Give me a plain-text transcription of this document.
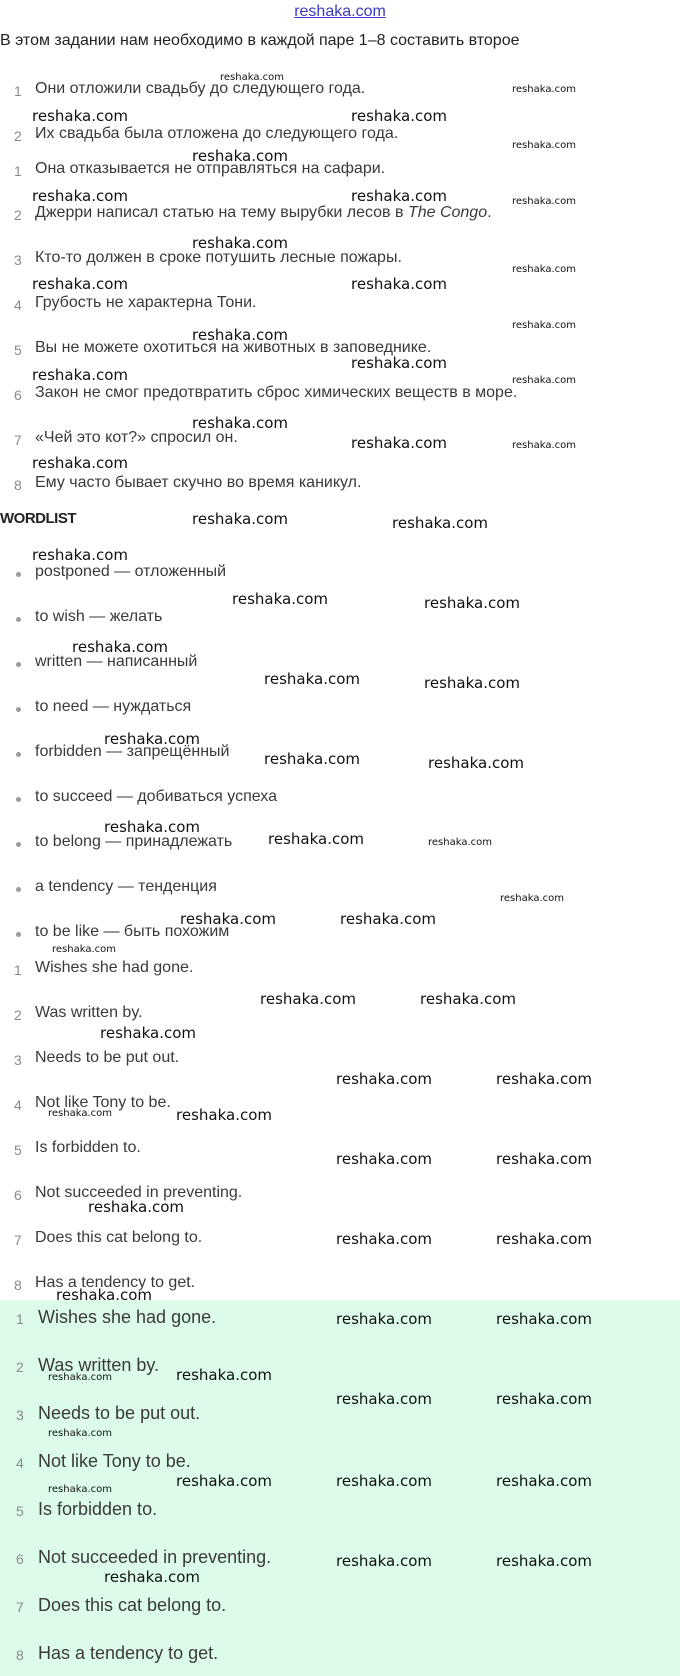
reshaka.com
В этом задании нам необходимо в каждой паре 1–8 составить второе
1 Они отложили свадьбу до следующего года.
2 Их свадьба была отложена до следующего года.
1 Она отказывается не отправляться на сафари.
2 Джерри написал статью на тему вырубки лесов в The Congo.
3 Кто-то должен в сроке потушить лесные пожары.
4 Грубость не характерна Тони.
5 Вы не можете охотиться на животных в заповеднике.
6 Закон не смог предотвратить сброс химических веществ в море.
7 «Чей это кот?» спросил он.
8 Ему часто бывает скучно во время каникул.
WORDLIST
postponed — отложенный
to wish — желать
written — написанный
to need — нуждаться
forbidden — запрещённый
to succeed — добиваться успеха
to belong — принадлежать
a tendency — тенденция
to be like — быть похожим
1 Wishes she had gone.
2 Was written by.
3 Needs to be put out.
4 Not like Tony to be.
5 Is forbidden to.
6 Not succeeded in preventing.
7 Does this cat belong to.
8 Has a tendency to get.
1 Wishes she had gone.
2 Was written by.
3 Needs to be put out.
4 Not like Tony to be.
5 Is forbidden to.
6 Not succeeded in preventing.
7 Does this cat belong to.
8 Has a tendency to get.
reshaka.com
reshaka.com
reshaka.com	reshaka.com
reshaka.com
reshaka.com
reshaka.com	reshaka.com	reshaka.com
reshaka.com
reshaka.com
reshaka.com	reshaka.com
reshaka.com
reshaka.com
reshaka.com
reshaka.com	reshaka.com
reshaka.com
reshaka.com	reshaka.com
reshaka.com
reshaka.com	reshaka.com
reshaka.com
reshaka.com	reshaka.com
reshaka.com
reshaka.com	reshaka.com
reshaka.com
reshaka.com	reshaka.com
reshaka.com
reshaka.com
reshaka.com
reshaka.com
reshaka.com	reshaka.com
reshaka.com
reshaka.com	reshaka.com
reshaka.com
reshaka.com	reshaka.com
reshaka.com	reshaka.com
reshaka.com	reshaka.com
reshaka.com
reshaka.com	reshaka.com
reshaka.com
reshaka.com	reshaka.com
reshaka.com	reshaka.com
reshaka.com	reshaka.com
reshaka.com
reshaka.com	reshaka.com	reshaka.com	reshaka.com
reshaka.com	reshaka.com
reshaka.com
